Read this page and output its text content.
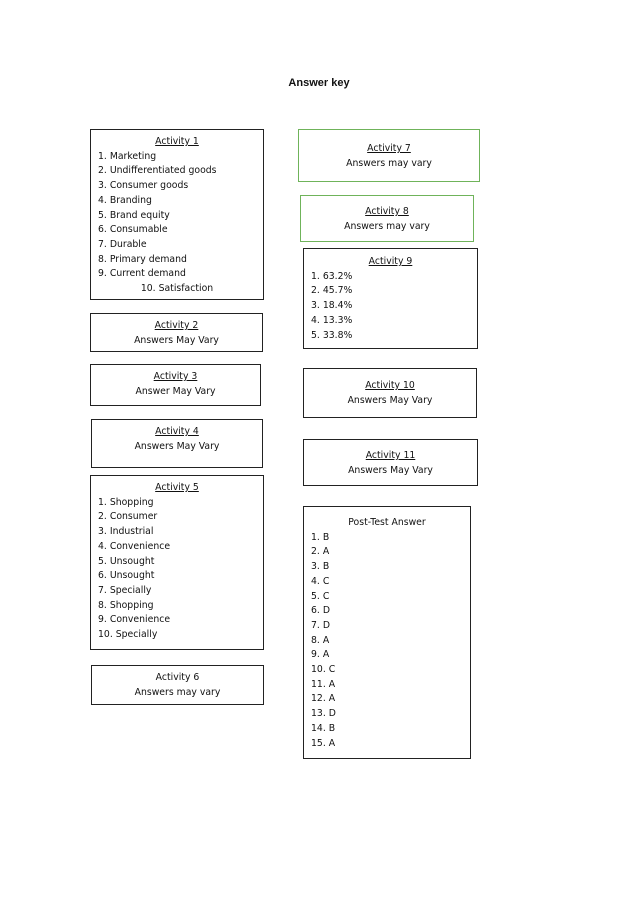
Answer key
Activity 1
1. Marketing
2. Undifferentiated goods
3. Consumer goods
4. Branding
5. Brand equity
6. Consumable
7. Durable
8. Primary demand
9. Current demand
10. Satisfaction
Activity 2
Answers May Vary
Activity 3
Answer May Vary
Activity 4
Answers May Vary
Activity 5
1. Shopping
2. Consumer
3. Industrial
4. Convenience
5. Unsought
6. Unsought
7. Specially
8. Shopping
9. Convenience
10. Specially
Activity 6
Answers may vary
Activity 7
Answers may vary
Activity 8
Answers may vary
Activity 9
1. 63.2%
2. 45.7%
3. 18.4%
4. 13.3%
5. 33.8%
Activity 10
Answers May Vary
Activity 11
Answers May Vary
Post-Test Answer
1. B
2. A
3. B
4. C
5. C
6. D
7. D
8. A
9. A
10. C
11. A
12. A
13. D
14. B
15. A
